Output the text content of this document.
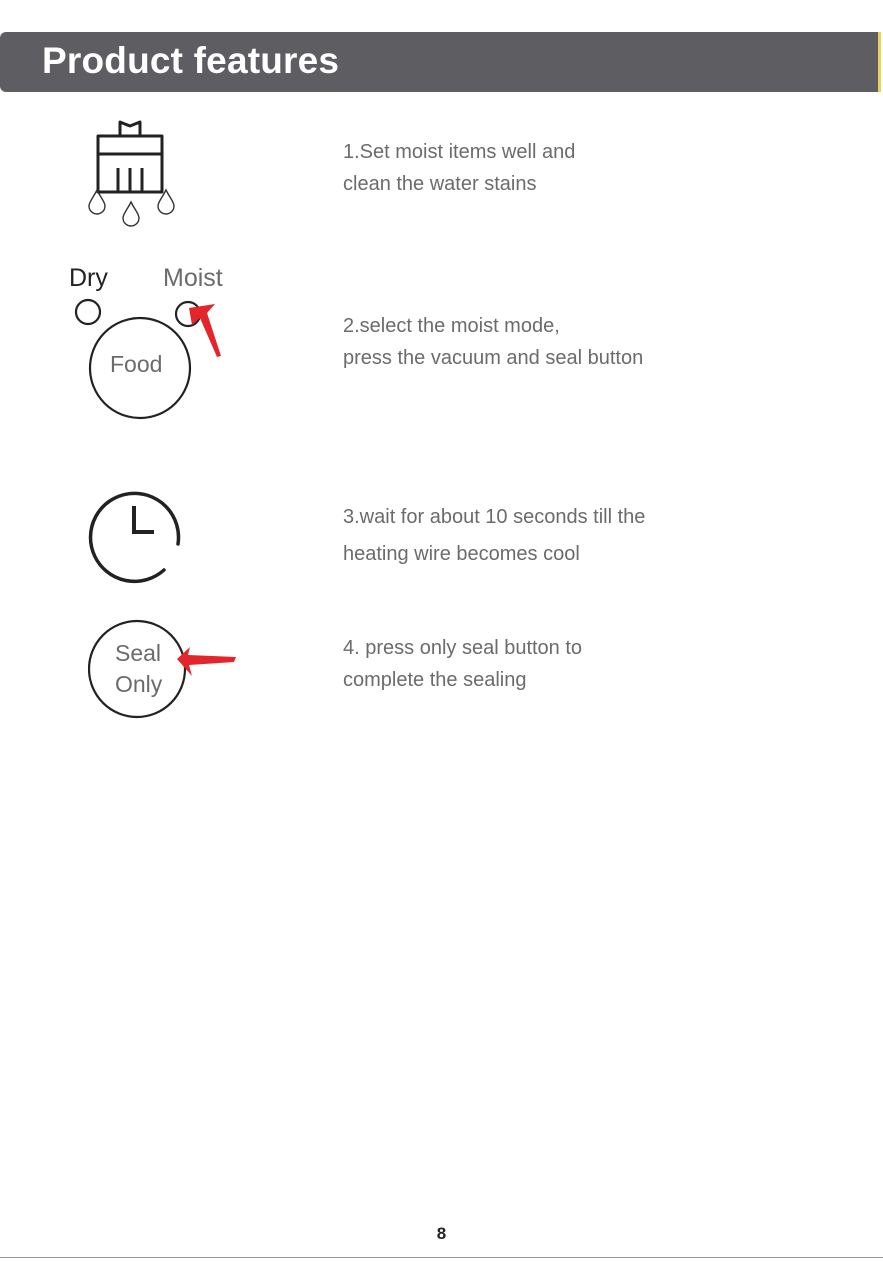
Product features
1.Set moist items well and
clean the water stains
Dry Moist
Food
2.select the moist mode,
press the vacuum and seal button
3.wait for about 10 seconds till the
heating wire becomes cool
Seal
Only
4. press only seal button to
complete the sealing
8
